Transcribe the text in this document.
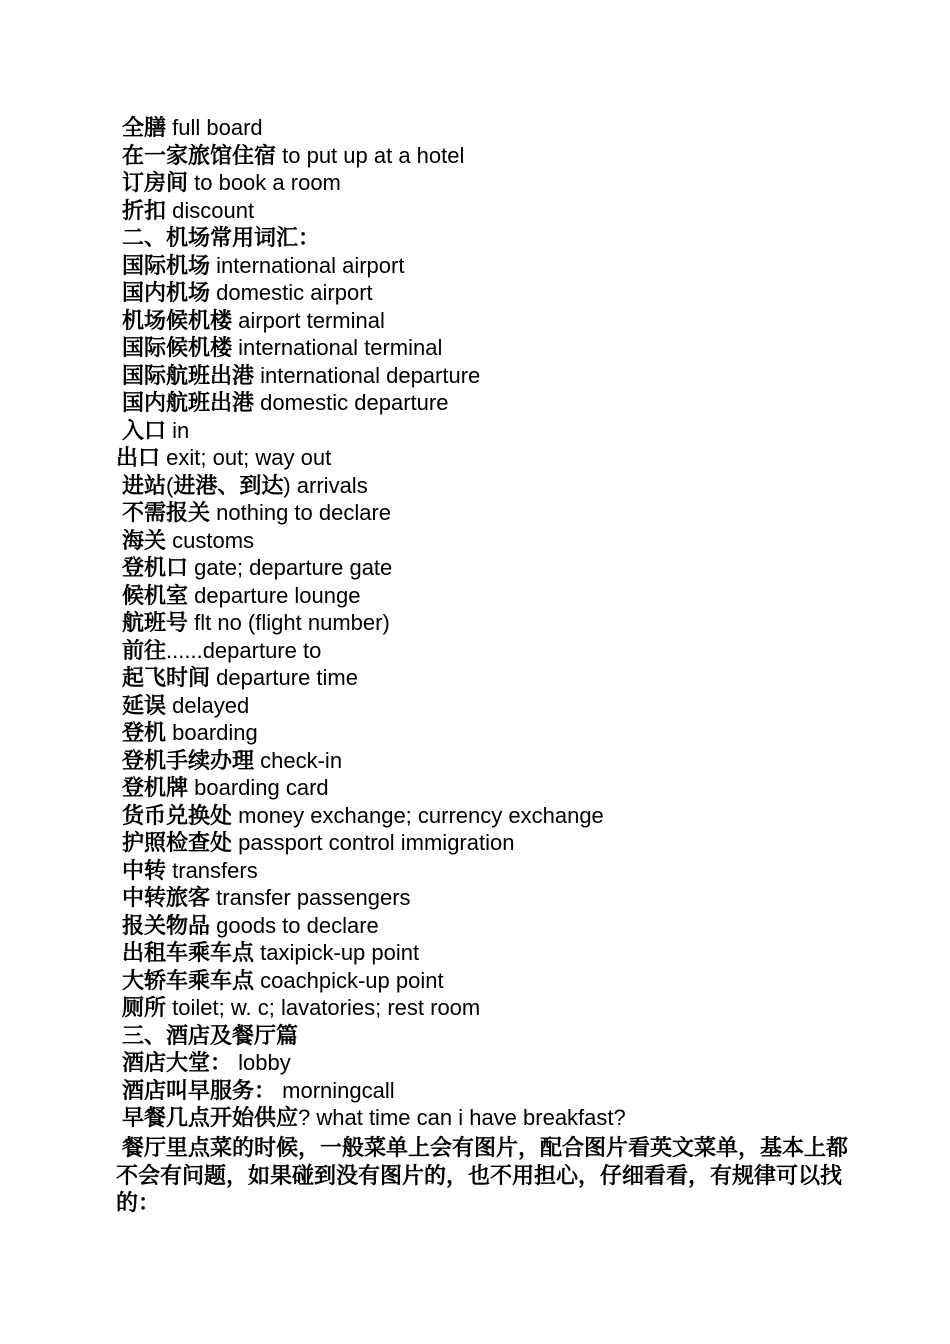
全膳 full board
在一家旅馆住宿 to put up at a hotel
订房间 to book a room
折扣 discount
二、机场常用词汇：
国际机场 international airport
国内机场 domestic airport
机场候机楼 airport terminal
国际候机楼 international terminal
国际航班出港 international departure
国内航班出港 domestic departure
入口 in
出口 exit; out; way out
进站(进港、到达) arrivals
不需报关 nothing to declare
海关 customs
登机口 gate; departure gate
候机室 departure lounge
航班号 flt no (flight number)
前往......departure to
起飞时间 departure time
延误 delayed
登机 boarding
登机手续办理 check-in
登机牌 boarding card
货币兑换处 money exchange; currency exchange
护照检查处 passport control immigration
中转 transfers
中转旅客 transfer passengers
报关物品 goods to declare
出租车乘车点 taxipick-up point
大轿车乘车点 coachpick-up point
厕所 toilet; w. c; lavatories; rest room
三、酒店及餐厅篇
酒店大堂： lobby
酒店叫早服务： morningcall
早餐几点开始供应? what time can i have breakfast?
餐厅里点菜的时候，一般菜单上会有图片，配合图片看英文菜单，基本上都不会有问题，如果碰到没有图片的，也不用担心，仔细看看，有规律可以找的：
